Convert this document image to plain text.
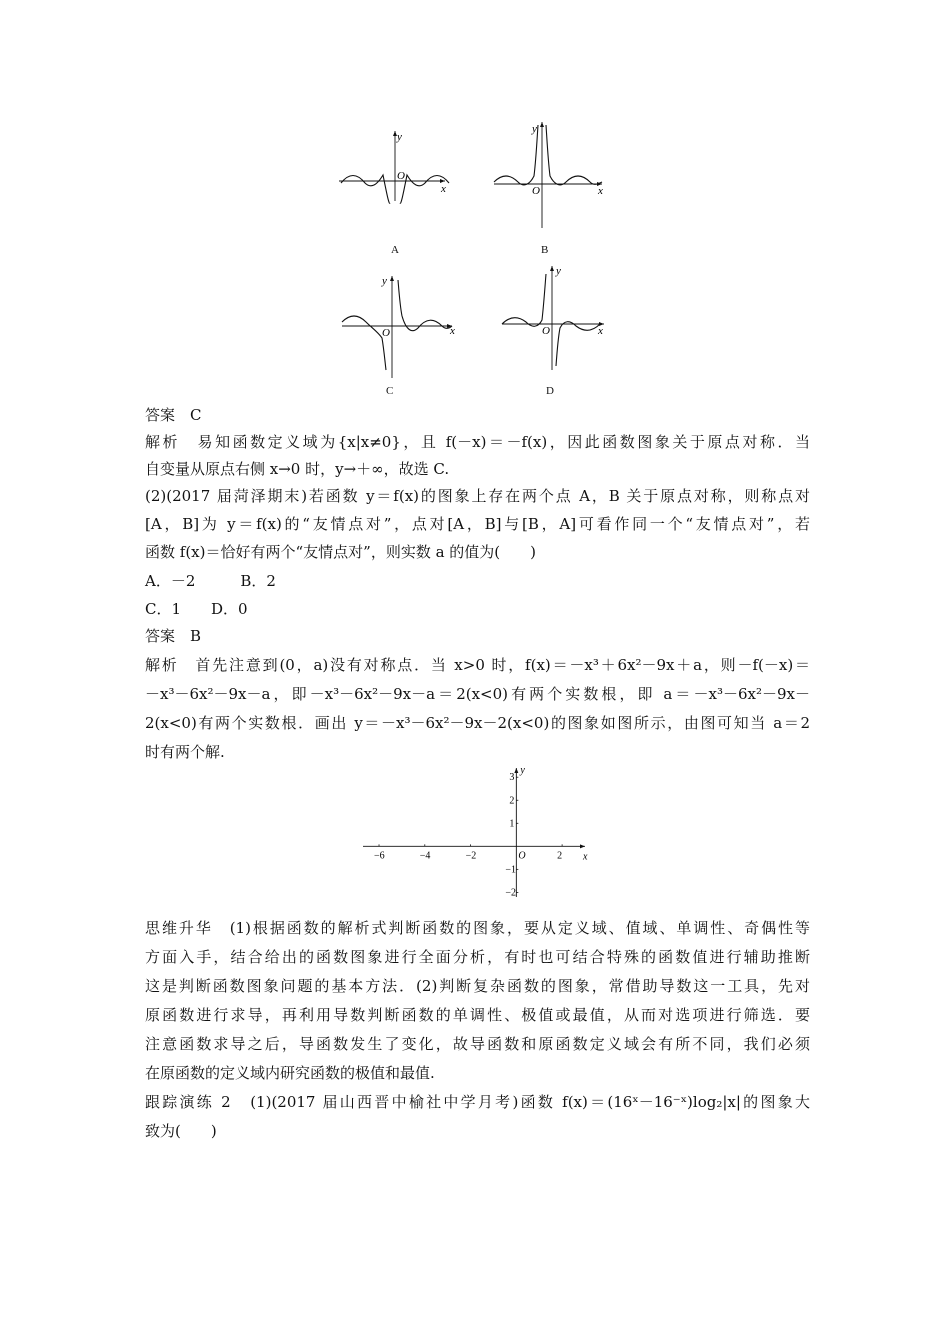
y
x
O
A
y
x
O
B
y
x
O
C
y
x
O
D
答案　C
解析　易知函数定义域为{x|x≠0}，且 f(－x)＝－f(x)，因此函数图象关于原点对称．当
自变量从原点右侧 x→0 时，y→＋∞，故选 C.
(2)(2017 届菏泽期末)若函数 y＝f(x)的图象上存在两个点 A，B 关于原点对称，则称点对
[A，B]为 y＝f(x)的“友情点对”，点对[A，B]与[B，A]可看作同一个“友情点对”，若
函数 f(x)＝恰好有两个“友情点对”，则实数 a 的值为(　　)
A．－2　　　B．2
C．1　　D．0
答案　B
解析　首先注意到(0，a)没有对称点．当 x>0 时，f(x)＝－x³＋6x²－9x＋a，则－f(－x)＝
－x³－6x²－9x－a，即－x³－6x²－9x－a＝2(x<0)有两个实数根，即 a＝－x³－6x²－9x－
2(x<0)有两个实数根．画出 y＝－x³－6x²－9x－2(x<0)的图象如图所示，由图可知当 a＝2
时有两个解.
−6	−4	−2	O	2
3
2
1
−1
−2
x
y
思维升华　(1)根据函数的解析式判断函数的图象，要从定义域、值域、单调性、奇偶性等
方面入手，结合给出的函数图象进行全面分析，有时也可结合特殊的函数值进行辅助推断
这是判断函数图象问题的基本方法．(2)判断复杂函数的图象，常借助导数这一工具，先对
原函数进行求导，再利用导数判断函数的单调性、极值或最值，从而对选项进行筛选．要
注意函数求导之后，导函数发生了变化，故导函数和原函数定义域会有所不同，我们必须
在原函数的定义域内研究函数的极值和最值.
跟踪演练 2　(1)(2017 届山西晋中榆社中学月考)函数 f(x)＝(16ˣ－16⁻ˣ)log₂|x|的图象大
致为(　　)
